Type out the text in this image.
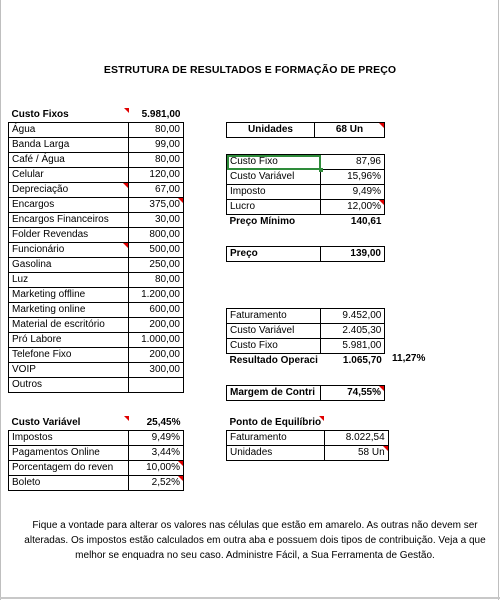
ESTRUTURA DE RESULTADOS E FORMAÇÃO DE PREÇO
Custo Fixos	5.981,00
Água	80,00
Banda Larga	99,00
Café / Água	80,00
Celular	120,00
Depreciação	67,00
Encargos	375,00
Encargos Financeiros	30,00
Folder Revendas	800,00
Funcionário	500,00
Gasolina	250,00
Luz	80,00
Marketing offline	1.200,00
Marketing online	600,00
Material de escritório	200,00
Pró Labore	1.000,00
Telefone Fixo	200,00
VOIP	300,00
Outros	
Custo Variável	25,45%
Impostos	9,49%
Pagamentos Online	3,44%
Porcentagem do reven	10,00%
Boleto	2,52%
Unidades	68 Un
Custo Fixo	87,96
Custo Variável	15,96%
Imposto	9,49%
Lucro	12,00%
Preço Mínimo	140,61
Preço	139,00
Faturamento	9.452,00
Custo Variável	2.405,30
Custo Fixo	5.981,00
Resultado Operaci	1.065,70 11,27%
Margem de Contri	74,55%
Ponto de Equilíbrio	
Faturamento	8.022,54
Unidades	58 Un
Fique a vontade para alterar os valores nas células que estão em amarelo. As outras não devem ser alteradas. Os impostos estão calculados em outra aba e possuem dois tipos de contribuição. Veja a que melhor se enquadra no seu caso. Administre Fácil, a Sua Ferramenta de Gestão.
